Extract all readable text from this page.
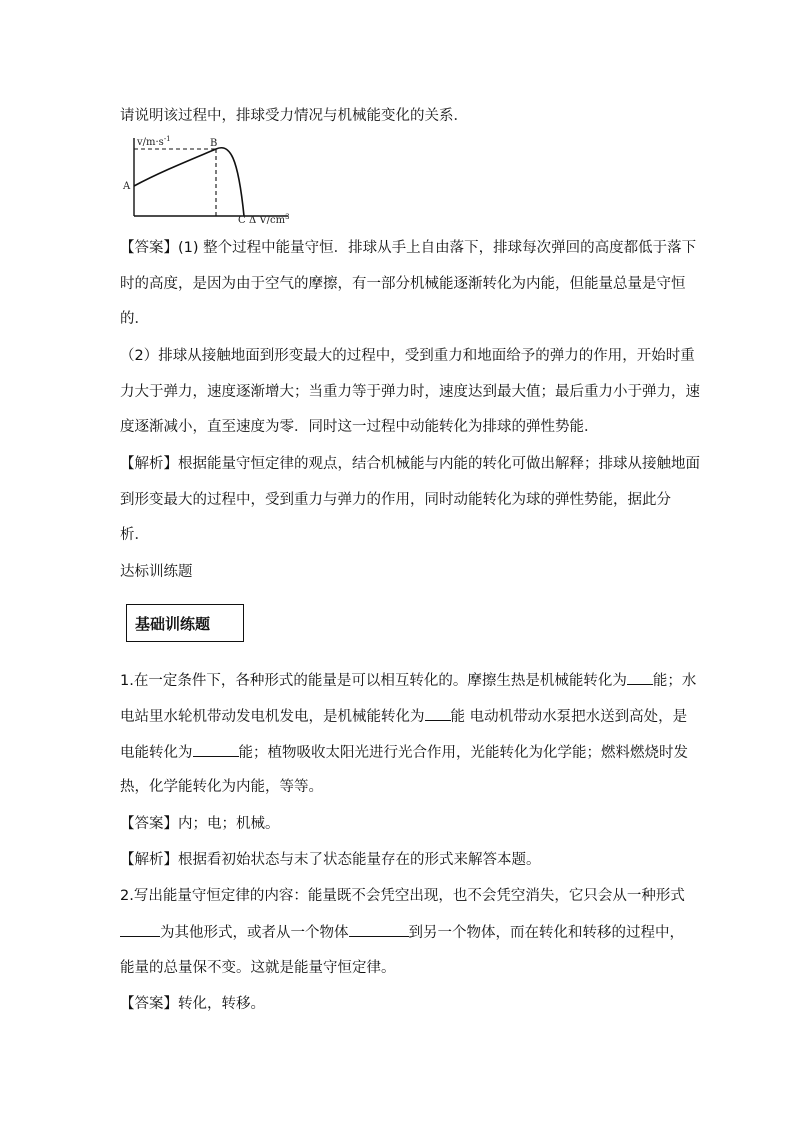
请说明该过程中，排球受力情况与机械能变化的关系．
$v/m\cdot s^{-1}$
A
B
C Δ $V/cm^3$
【答案】(1) 整个过程中能量守恒．排球从手上自由落下，排球每次弹回的高度都低于落下
时的高度，是因为由于空气的摩擦，有一部分机械能逐渐转化为内能，但能量总量是守恒
的．
（2）排球从接触地面到形变最大的过程中，受到重力和地面给予的弹力的作用，开始时重
力大于弹力，速度逐渐增大；当重力等于弹力时，速度达到最大值；最后重力小于弹力，速
度逐渐减小，直至速度为零．同时这一过程中动能转化为排球的弹性势能．
【解析】根据能量守恒定律的观点，结合机械能与内能的转化可做出解释；排球从接触地面
到形变最大的过程中，受到重力与弹力的作用，同时动能转化为球的弹性势能，据此分
析．
达标训练题
基础训练题
1.在一定条件下，各种形式的能量是可以相互转化的。摩擦生热是机械能转化为 能；水
电站里水轮机带动发电机发电，是机械能转化为 能 电动机带动水泵把水送到高处，是
电能转化为	能；植物吸收太阳光进行光合作用，光能转化为化学能；燃料燃烧时发
热，化学能转化为内能，等等。
【答案】内；电；机械。
【解析】根据看初始状态与末了状态能量存在的形式来解答本题。
2.写出能量守恒定律的内容：能量既不会凭空出现，也不会凭空消失，它只会从一种形式
为其他形式，或者从一个物体	到另一个物体，而在转化和转移的过程中，
能量的总量保不变。这就是能量守恒定律。
【答案】转化，转移。
